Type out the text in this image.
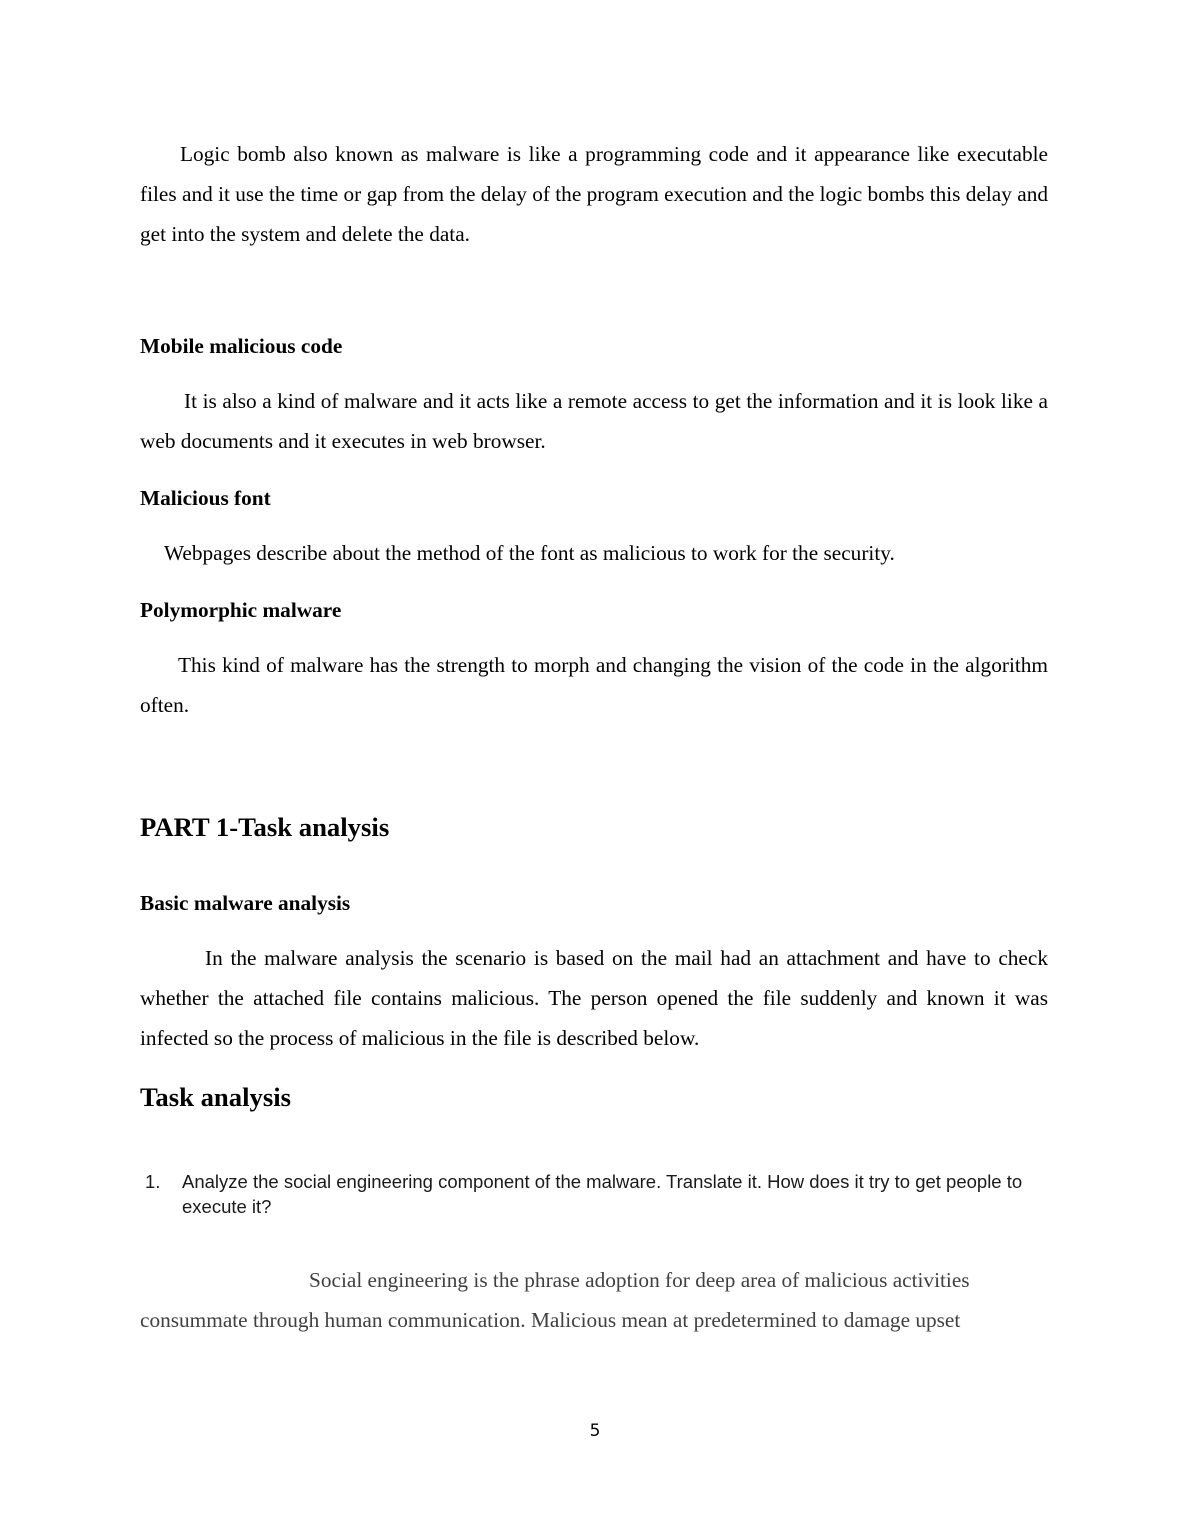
Logic bomb also known as malware is like a programming code and it appearance like executable files and it use the time or gap from the delay of the program execution and the logic bombs this delay and get into the system and delete the data.

Mobile malicious code

It is also a kind of malware and it acts like a remote access to get the information and it is look like a web documents and it executes in web browser.

Malicious font

Webpages describe about the method of the font as malicious to work for the security.

Polymorphic malware

This kind of malware has the strength to morph and changing the vision of the code in the algorithm often.

PART 1-Task analysis
Basic malware analysis

In the malware analysis the scenario is based on the mail had an attachment and have to check whether the attached file contains malicious. The person opened the file suddenly and known it was infected so the process of malicious in the file is described below.

Task analysis
1. Analyze the social engineering component of the malware. Translate it. How does it try to get people to execute it?

Social engineering is the phrase adoption for deep area of malicious activities consummate through human communication. Malicious mean at predetermined to damage upset

5
